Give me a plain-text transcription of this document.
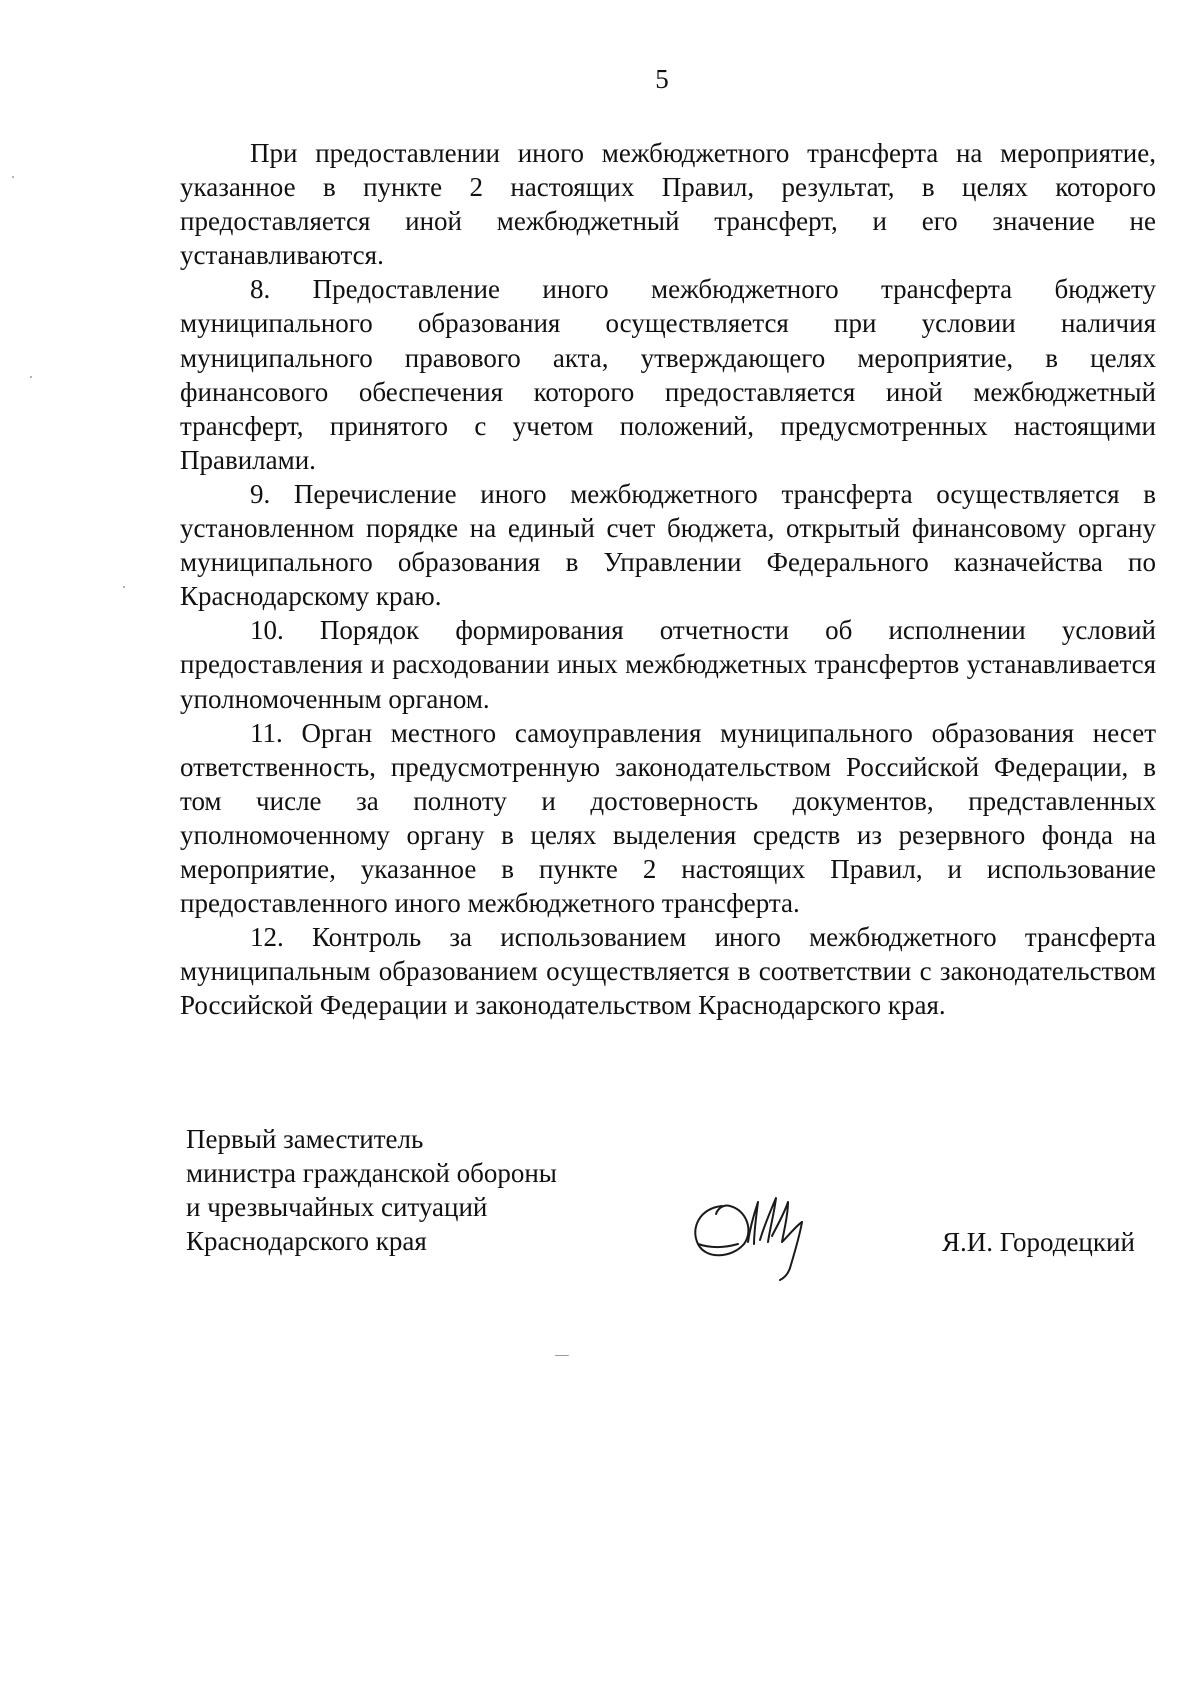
5

При предоставлении иного межбюджетного трансферта на мероприятие, указанное в пункте 2 настоящих Правил, результат, в целях которого предоставляется иной межбюджетный трансферт, и его значение не устанавливаются.

8. Предоставление иного межбюджетного трансферта бюджету муниципального образования осуществляется при условии наличия муниципального правового акта, утверждающего мероприятие, в целях финансового обеспечения которого предоставляется иной межбюджетный трансферт, принятого с учетом положений, предусмотренных настоящими Правилами.

9. Перечисление иного межбюджетного трансферта осуществляется в установленном порядке на единый счет бюджета, открытый финансовому органу муниципального образования в Управлении Федерального казначейства по Краснодарскому краю.

10. Порядок формирования отчетности об исполнении условий предоставления и расходовании иных межбюджетных трансфертов устанавливается уполномоченным органом.

11. Орган местного самоуправления муниципального образования несет ответственность, предусмотренную законодательством Российской Федерации, в том числе за полноту и достоверность документов, представленных уполномоченному органу в целях выделения средств из резервного фонда на мероприятие, указанное в пункте 2 настоящих Правил, и использование предоставленного иного межбюджетного трансферта.

12. Контроль за использованием иного межбюджетного трансферта муниципальным образованием осуществляется в соответствии с законодательством Российской Федерации и законодательством Краснодарского края.

Первый заместитель
министра гражданской обороны
и чрезвычайных ситуаций
Краснодарского края	Я.И. Городецкий
